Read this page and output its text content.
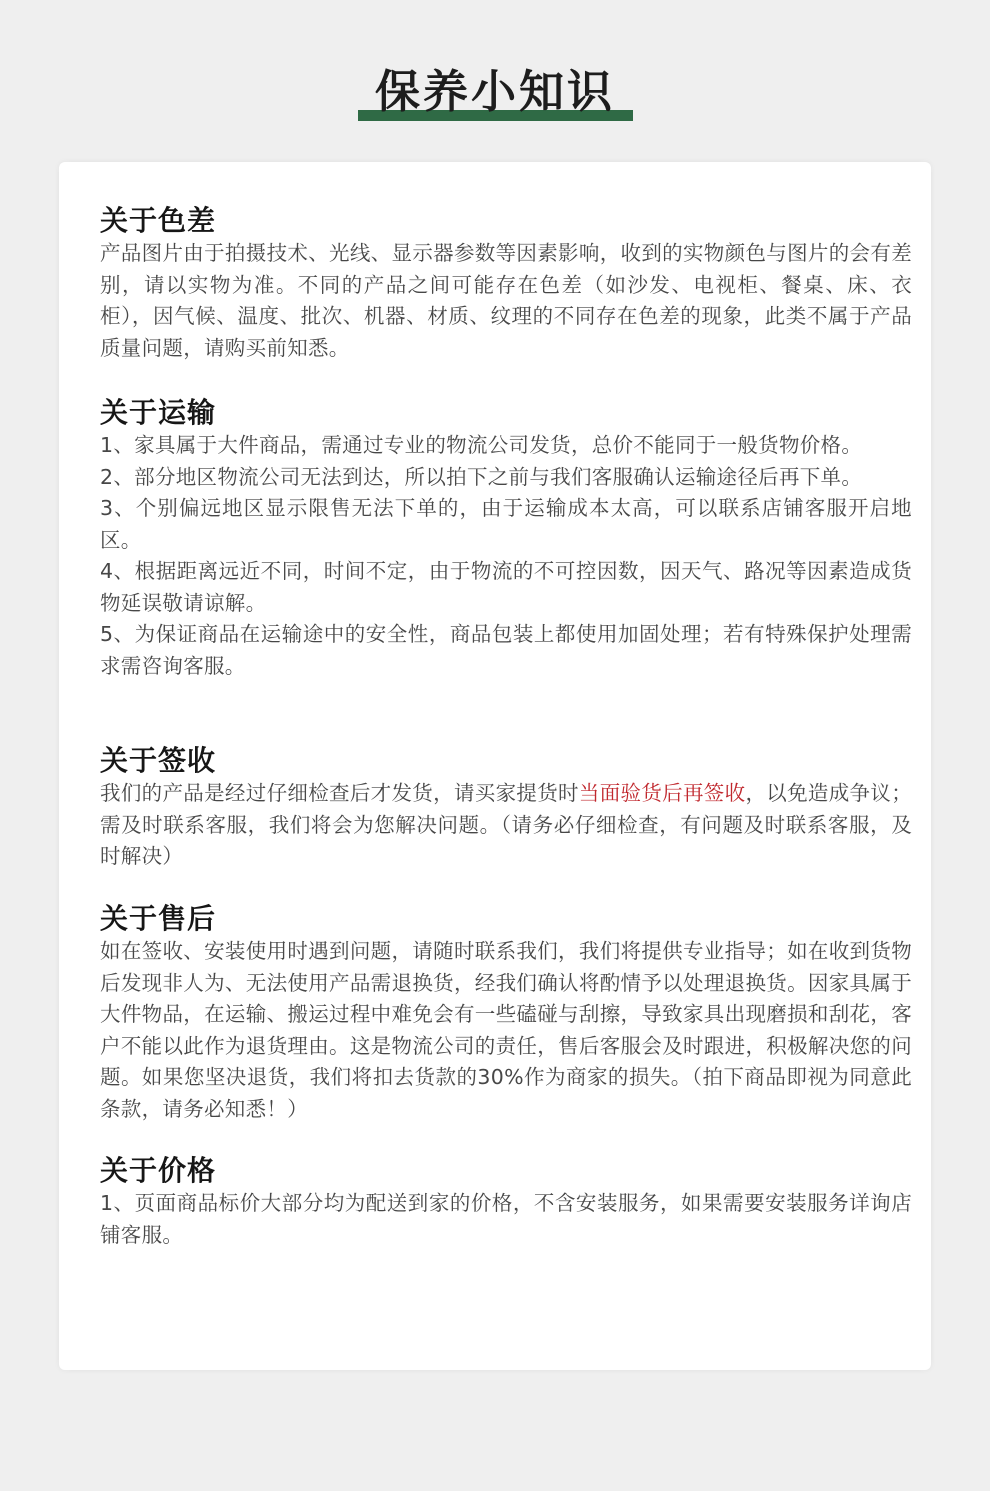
保养小知识
关于色差

产品图片由于拍摄技术、光线、显示器参数等因素影响，收到的实物颜色与图片的会有差别，请以实物为准。不同的产品之间可能存在色差（如沙发、电视柜、餐桌、床、衣柜），因气候、温度、批次、机器、材质、纹理的不同存在色差的现象，此类不属于产品质量问题，请购买前知悉。

关于运输

1、家具属于大件商品，需通过专业的物流公司发货，总价不能同于一般货物价格。

2、部分地区物流公司无法到达，所以拍下之前与我们客服确认运输途径后再下单。

3、个别偏远地区显示限售无法下单的，由于运输成本太高，可以联系店铺客服开启地区。

4、根据距离远近不同，时间不定，由于物流的不可控因数，因天气、路况等因素造成货物延误敬请谅解。

5、为保证商品在运输途中的安全性，商品包装上都使用加固处理；若有特殊保护处理需求需咨询客服。

关于签收

我们的产品是经过仔细检查后才发货，请买家提货时当面验货后再签收，以免造成争议；需及时联系客服，我们将会为您解决问题。（请务必仔细检查，有问题及时联系客服，及时解决）

关于售后

如在签收、安装使用时遇到问题，请随时联系我们，我们将提供专业指导；如在收到货物后发现非人为、无法使用产品需退换货，经我们确认将酌情予以处理退换货。因家具属于大件物品，在运输、搬运过程中难免会有一些磕碰与刮擦，导致家具出现磨损和刮花，客户不能以此作为退货理由。这是物流公司的责任，售后客服会及时跟进，积极解决您的问题。如果您坚决退货，我们将扣去货款的30%作为商家的损失。（拍下商品即视为同意此条款，请务必知悉！）

关于价格

1、页面商品标价大部分均为配送到家的价格，不含安装服务，如果需要安装服务详询店铺客服。
